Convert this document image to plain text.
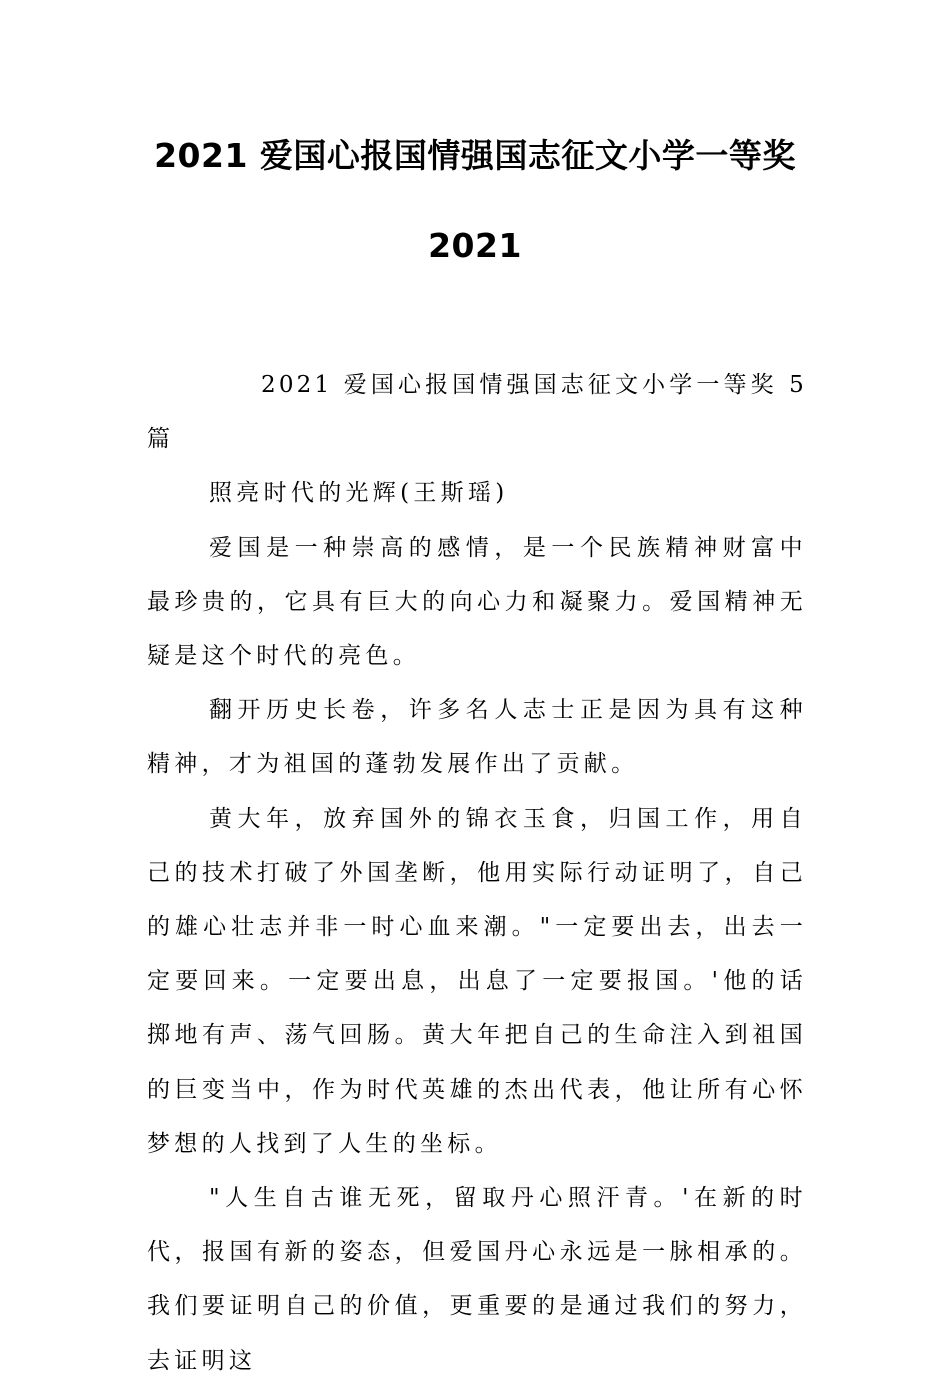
2021 爱国心报国情强国志征文小学一等奖
2021

2021 爱国心报国情强国志征文小学一等奖 5 篇

照亮时代的光辉(王斯瑶)

爱国是一种崇高的感情，是一个民族精神财富中最珍贵的，它具有巨大的向心力和凝聚力。爱国精神无疑是这个时代的亮色。

翻开历史长卷，许多名人志士正是因为具有这种精神，才为祖国的蓬勃发展作出了贡献。

黄大年，放弃国外的锦衣玉食，归国工作，用自己的技术打破了外国垄断，他用实际行动证明了，自己的雄心壮志并非一时心血来潮。"一定要出去，出去一定要回来。一定要出息，出息了一定要报国。'他的话掷地有声、荡气回肠。黄大年把自己的生命注入到祖国的巨变当中，作为时代英雄的杰出代表，他让所有心怀梦想的人找到了人生的坐标。

"人生自古谁无死，留取丹心照汗青。'在新的时代，报国有新的姿态，但爱国丹心永远是一脉相承的。我们要证明自己的价值，更重要的是通过我们的努力，去证明这
